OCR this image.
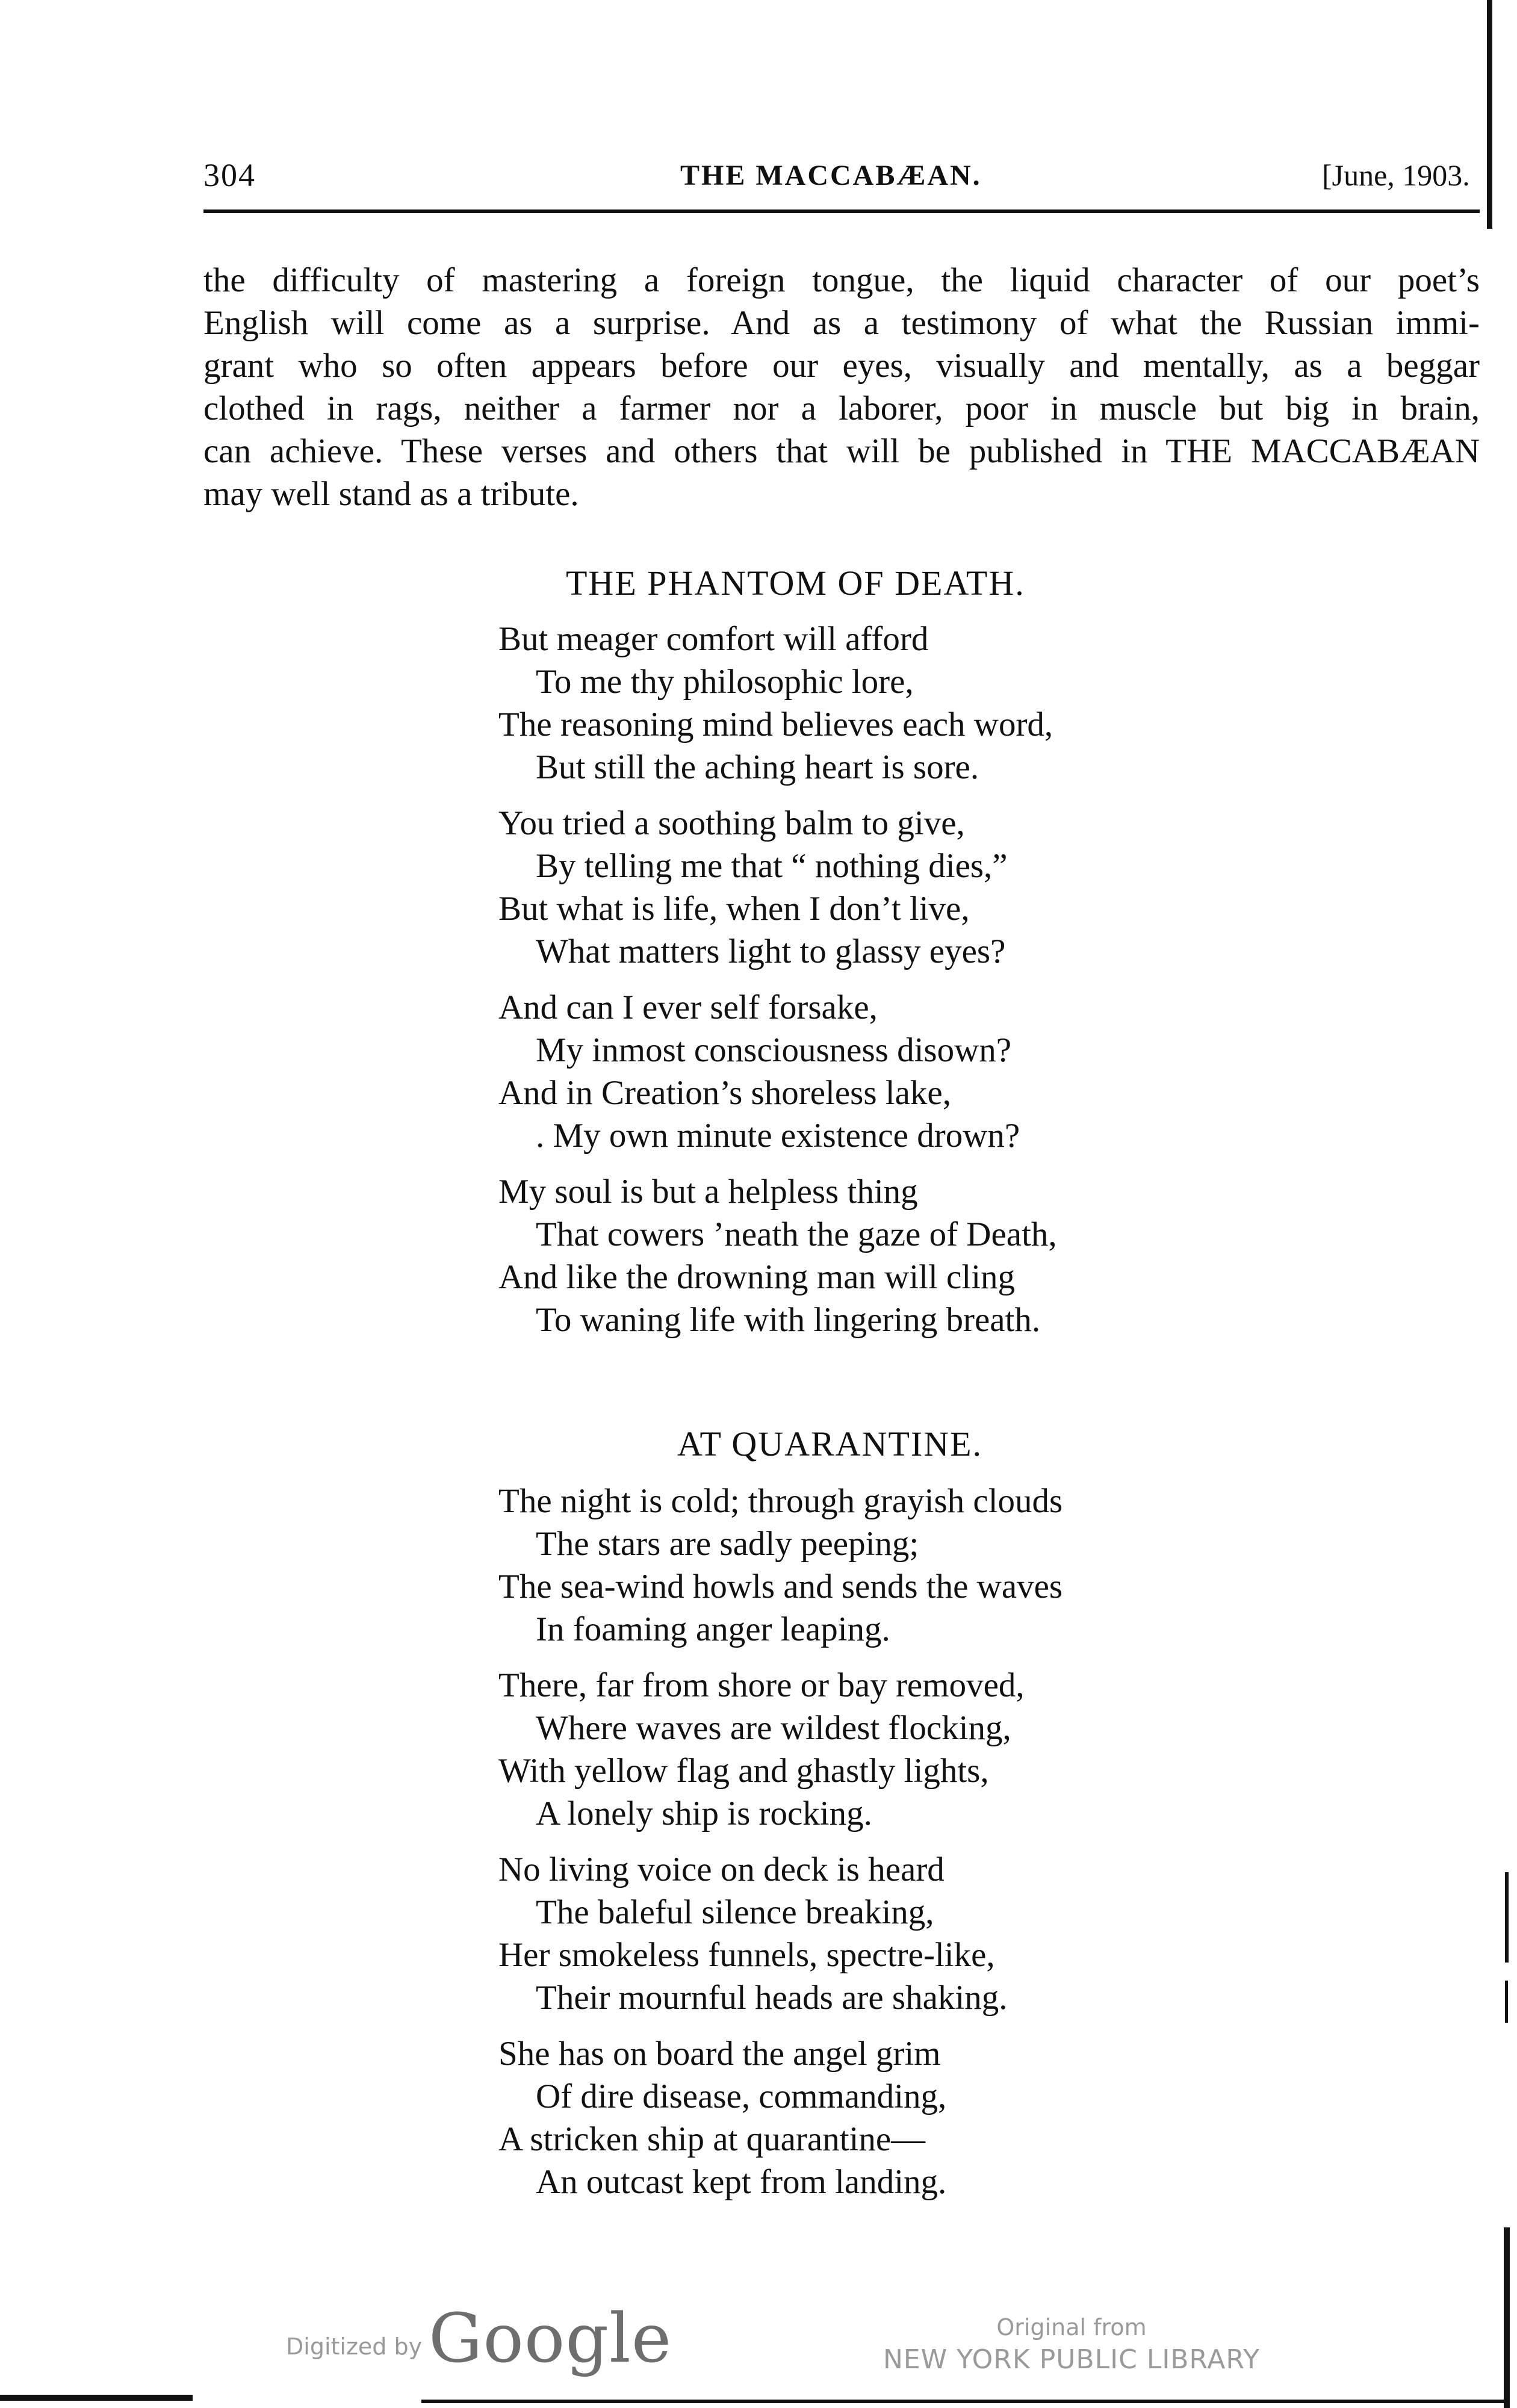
304	THE MACCABÆAN.	[June, 1903.
the difficulty of mastering a foreign tongue, the liquid character of our poet’s
English will come as a surprise. And as a testimony of what the Russian immi-
grant who so often appears before our eyes, visually and mentally, as a beggar
clothed in rags, neither a farmer nor a laborer, poor in muscle but big in brain,
can achieve. These verses and others that will be published in THE MACCABÆAN
may well stand as a tribute.
THE PHANTOM OF DEATH.
But meager comfort will afford
To me thy philosophic lore,
The reasoning mind believes each word,
But still the aching heart is sore.
You tried a soothing balm to give,
By telling me that “ nothing dies,”
But what is life, when I don’t live,
What matters light to glassy eyes?
And can I ever self forsake,
My inmost consciousness disown?
And in Creation’s shoreless lake,
. My own minute existence drown?
My soul is but a helpless thing
That cowers ’neath the gaze of Death,
And like the drowning man will cling
To waning life with lingering breath.
AT QUARANTINE.
The night is cold; through grayish clouds
The stars are sadly peeping;
The sea-wind howls and sends the waves
In foaming anger leaping.
There, far from shore or bay removed,
Where waves are wildest flocking,
With yellow flag and ghastly lights,
A lonely ship is rocking.
No living voice on deck is heard
The baleful silence breaking,
Her smokeless funnels, spectre-like,
Their mournful heads are shaking.
She has on board the angel grim
Of dire disease, commanding,
A stricken ship at quarantine—
An outcast kept from landing.
Digitized by Google	Original from
NEW YORK PUBLIC LIBRARY
